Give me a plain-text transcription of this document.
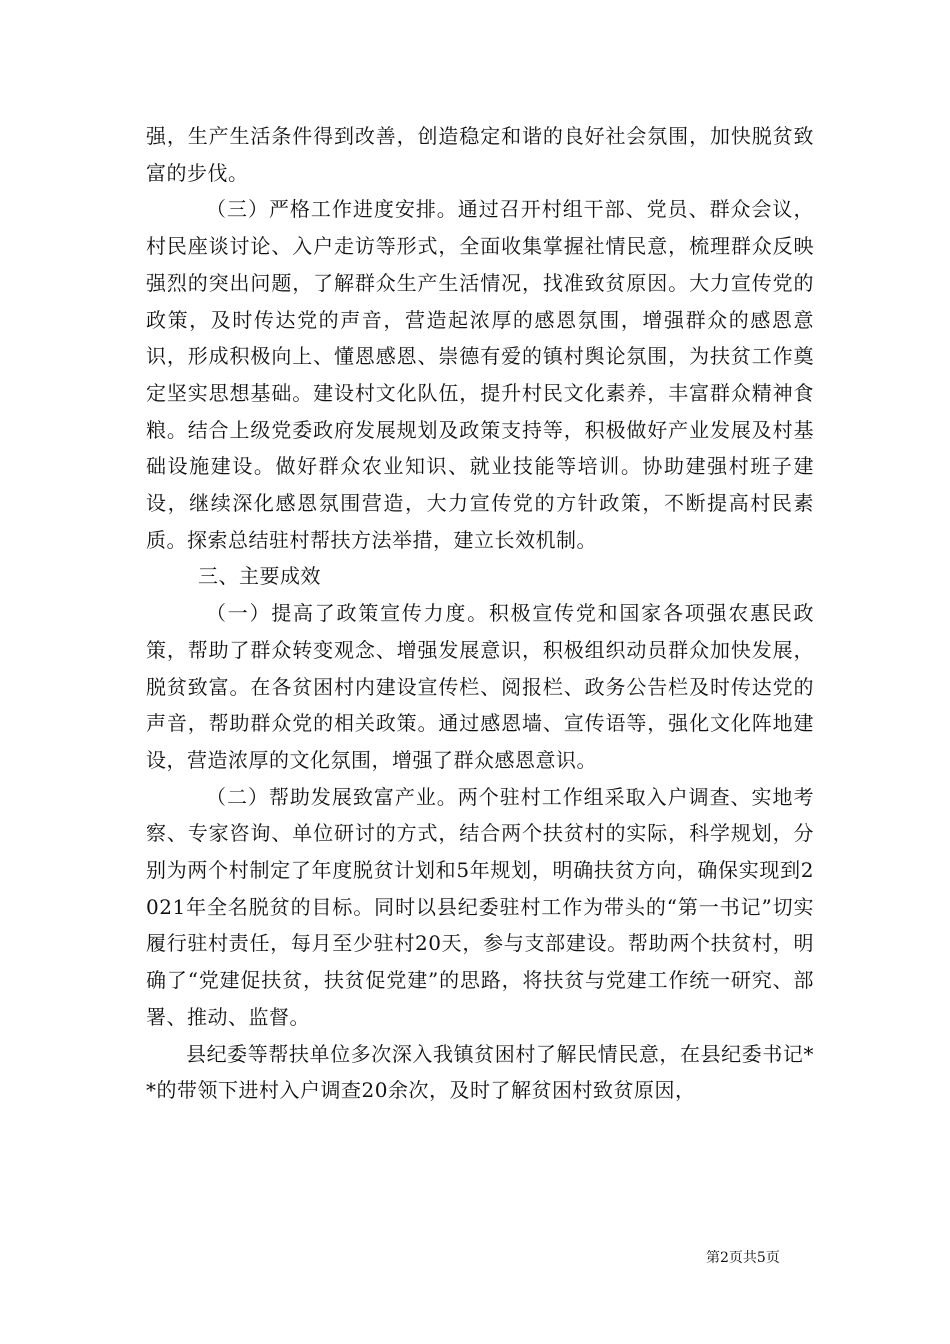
强，生产生活条件得到改善，创造稳定和谐的良好社会氛围，加快脱贫致富的步伐。

（三）严格工作进度安排。通过召开村组干部、党员、群众会议，村民座谈讨论、入户走访等形式，全面收集掌握社情民意，梳理群众反映强烈的突出问题，了解群众生产生活情况，找准致贫原因。大力宣传党的政策，及时传达党的声音，营造起浓厚的感恩氛围，增强群众的感恩意识，形成积极向上、懂恩感恩、崇德有爱的镇村舆论氛围，为扶贫工作奠定坚实思想基础。建设村文化队伍，提升村民文化素养，丰富群众精神食粮。结合上级党委政府发展规划及政策支持等，积极做好产业发展及村基础设施建设。做好群众农业知识、就业技能等培训。协助建强村班子建设，继续深化感恩氛围营造，大力宣传党的方针政策，不断提高村民素质。探索总结驻村帮扶方法举措，建立长效机制。

三、主要成效

（一）提高了政策宣传力度。积极宣传党和国家各项强农惠民政策，帮助了群众转变观念、增强发展意识，积极组织动员群众加快发展，脱贫致富。在各贫困村内建设宣传栏、阅报栏、政务公告栏及时传达党的声音，帮助群众党的相关政策。通过感恩墙、宣传语等，强化文化阵地建设，营造浓厚的文化氛围，增强了群众感恩意识。

（二）帮助发展致富产业。两个驻村工作组采取入户调查、实地考察、专家咨询、单位研讨的方式，结合两个扶贫村的实际，科学规划，分别为两个村制定了年度脱贫计划和5年规划，明确扶贫方向，确保实现到2021年全名脱贫的目标。同时以县纪委驻村工作为带头的“第一书记”切实履行驻村责任，每月至少驻村20天，参与支部建设。帮助两个扶贫村，明确了“党建促扶贫，扶贫促党建”的思路，将扶贫与党建工作统一研究、部署、推动、监督。

县纪委等帮扶单位多次深入我镇贫困村了解民情民意，在县纪委书记**的带领下进村入户调查20余次，及时了解贫困村致贫原因，

第2页共5页
